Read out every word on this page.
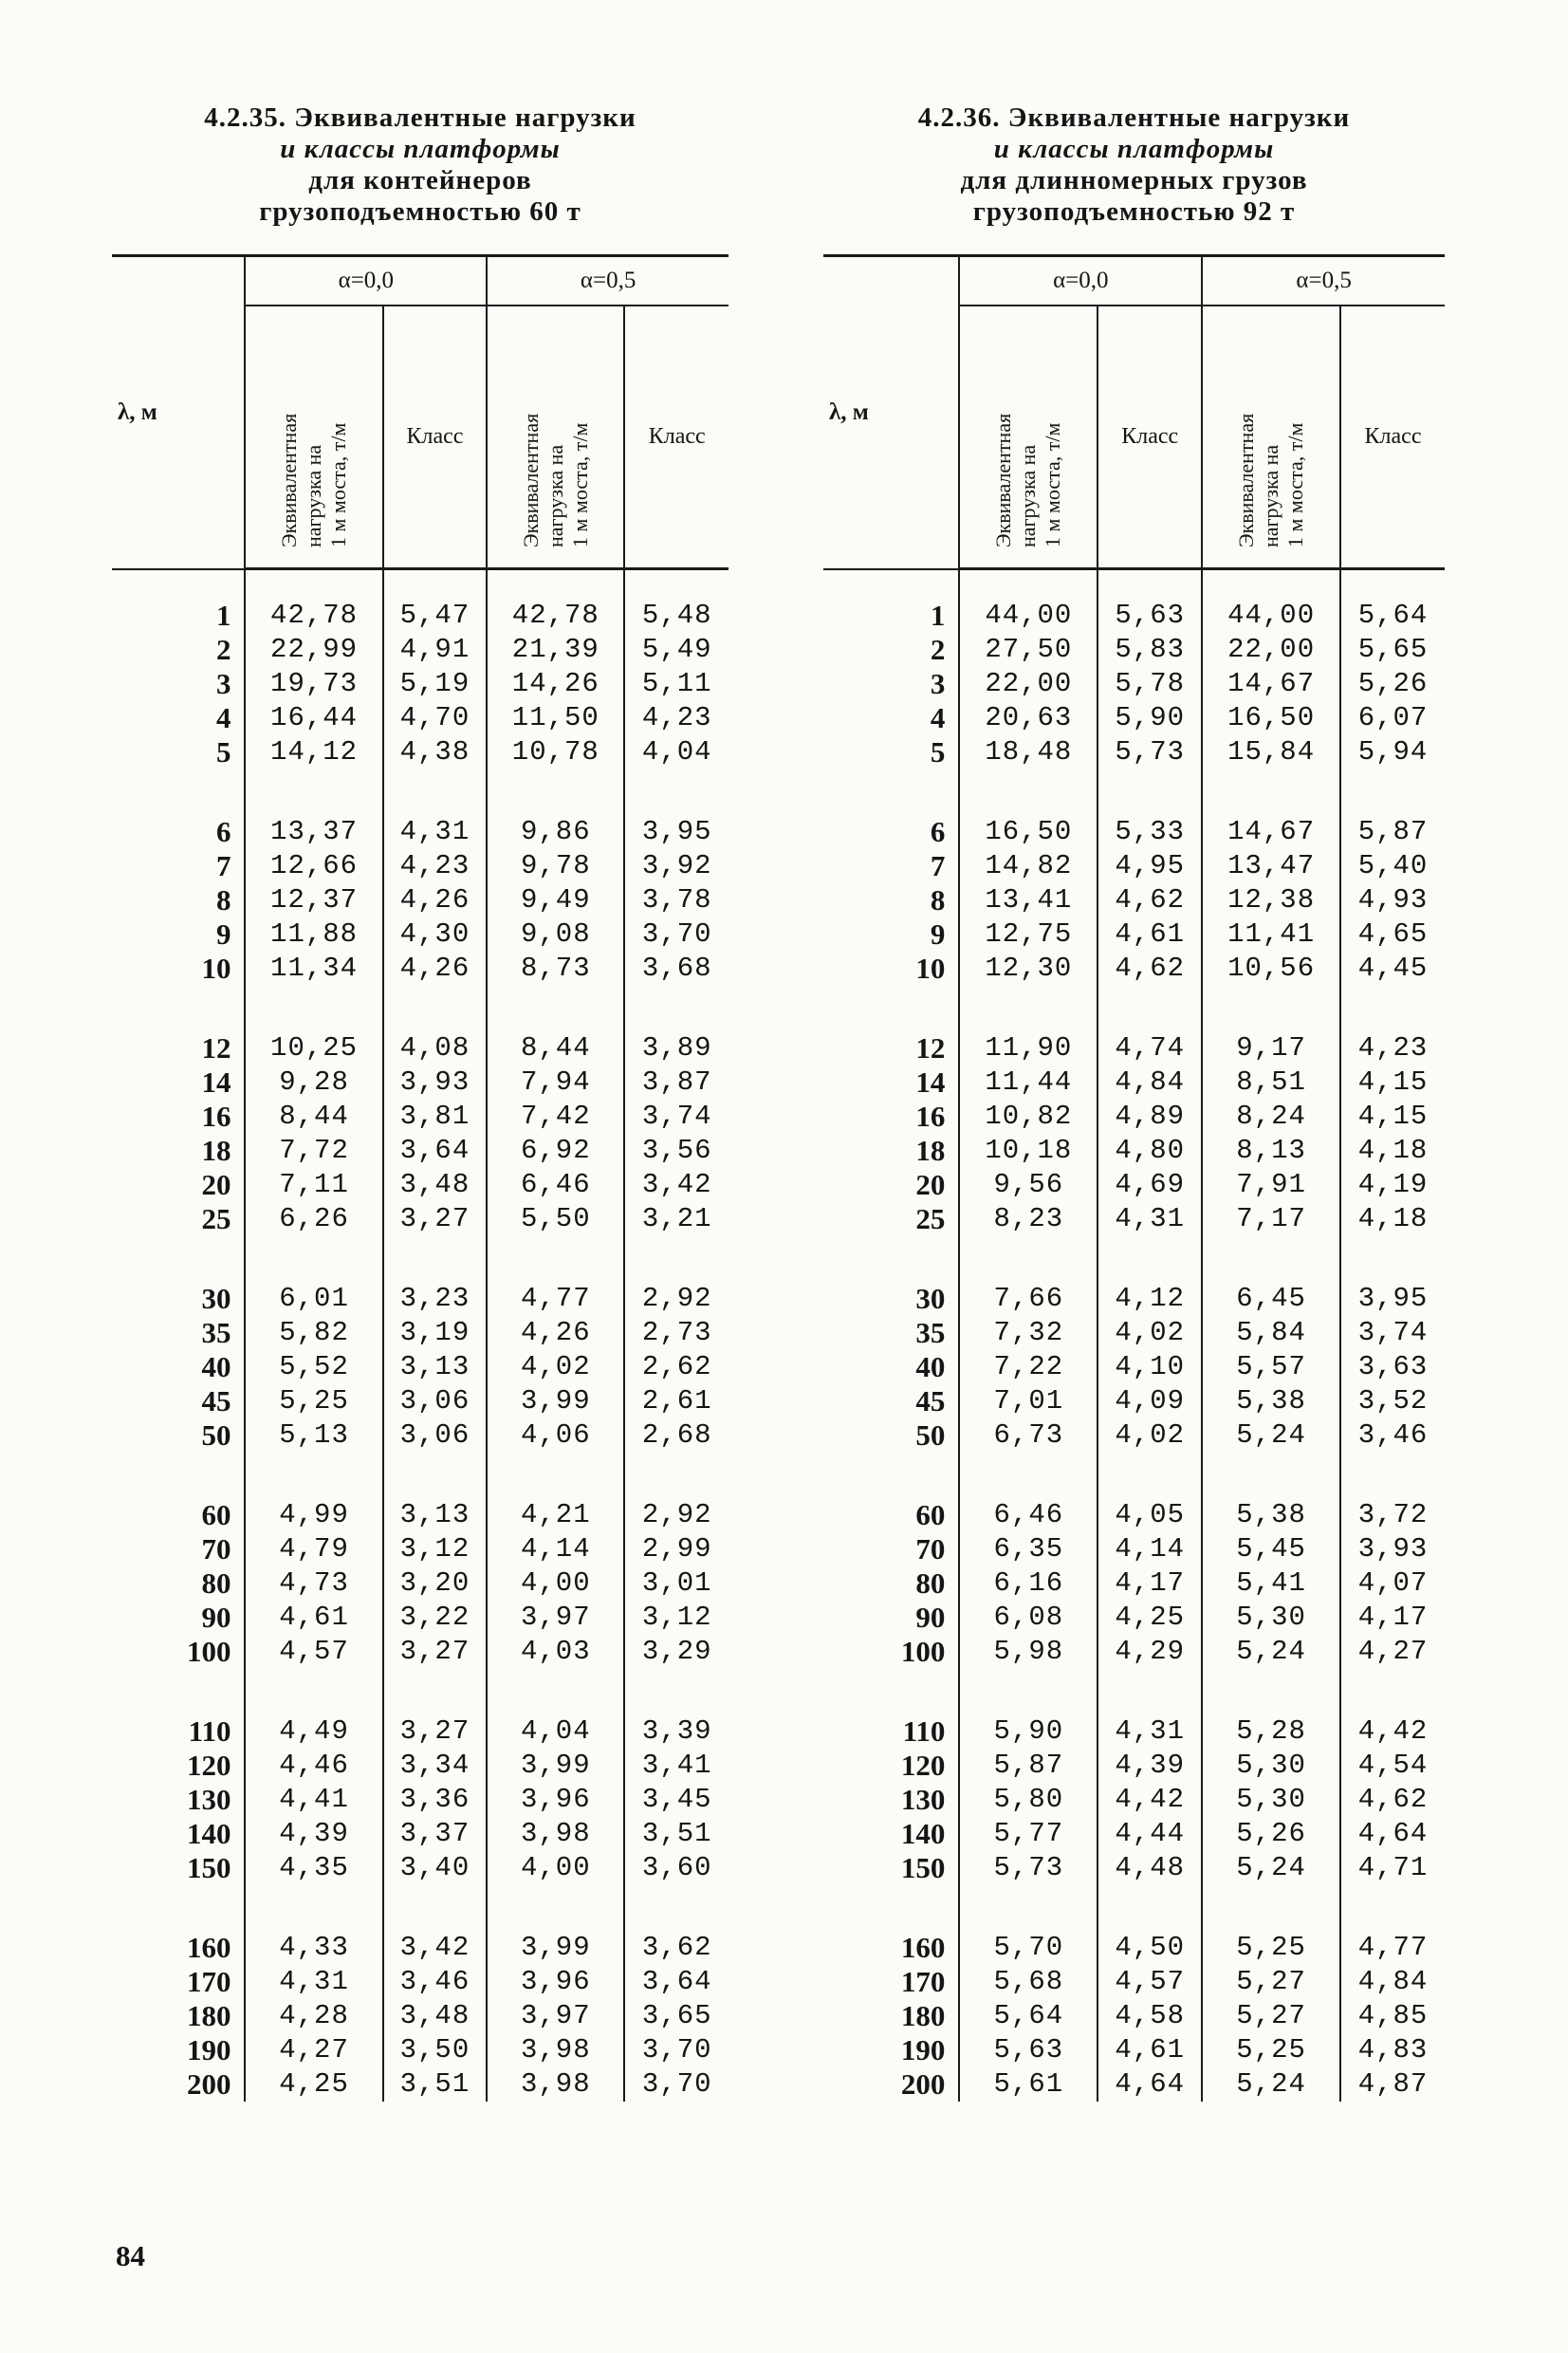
4.2.35. Эквивалентные нагрузки
и классы платформы
для контейнеров
грузоподъемностью 60 т
λ, м	α=0,0		α=0,5	

	Эквивалентная нагрузка на 1 м моста, т/м	Класс	Эквивалентная нагрузка на 1 м моста, т/м	Класс

1	42,78	5,47	42,78	5,48
2	22,99	4,91	21,39	5,49
3	19,73	5,19	14,26	5,11
4	16,44	4,70	11,50	4,23
5	14,12	4,38	10,78	4,04

6	13,37	4,31	9,86	3,95
7	12,66	4,23	9,78	3,92
8	12,37	4,26	9,49	3,78
9	11,88	4,30	9,08	3,70
10	11,34	4,26	8,73	3,68

12	10,25	4,08	8,44	3,89
14	9,28	3,93	7,94	3,87
16	8,44	3,81	7,42	3,74
18	7,72	3,64	6,92	3,56
20	7,11	3,48	6,46	3,42
25	6,26	3,27	5,50	3,21

30	6,01	3,23	4,77	2,92
35	5,82	3,19	4,26	2,73
40	5,52	3,13	4,02	2,62
45	5,25	3,06	3,99	2,61
50	5,13	3,06	4,06	2,68

60	4,99	3,13	4,21	2,92
70	4,79	3,12	4,14	2,99
80	4,73	3,20	4,00	3,01
90	4,61	3,22	3,97	3,12
100	4,57	3,27	4,03	3,29

110	4,49	3,27	4,04	3,39
120	4,46	3,34	3,99	3,41
130	4,41	3,36	3,96	3,45
140	4,39	3,37	3,98	3,51
150	4,35	3,40	4,00	3,60

160	4,33	3,42	3,99	3,62
170	4,31	3,46	3,96	3,64
180	4,28	3,48	3,97	3,65
190	4,27	3,50	3,98	3,70
200	4,25	3,51	3,98	3,70
4.2.36. Эквивалентные нагрузки
и классы платформы
для длинномерных грузов
грузоподъемностью 92 т
λ, м	α=0,0		α=0,5	

	Эквивалентная нагрузка на 1 м моста, т/м	Класс	Эквивалентная нагрузка на 1 м моста, т/м	Класс

1	44,00	5,63	44,00	5,64
2	27,50	5,83	22,00	5,65
3	22,00	5,78	14,67	5,26
4	20,63	5,90	16,50	6,07
5	18,48	5,73	15,84	5,94

6	16,50	5,33	14,67	5,87
7	14,82	4,95	13,47	5,40
8	13,41	4,62	12,38	4,93
9	12,75	4,61	11,41	4,65
10	12,30	4,62	10,56	4,45

12	11,90	4,74	9,17	4,23
14	11,44	4,84	8,51	4,15
16	10,82	4,89	8,24	4,15
18	10,18	4,80	8,13	4,18
20	9,56	4,69	7,91	4,19
25	8,23	4,31	7,17	4,18

30	7,66	4,12	6,45	3,95
35	7,32	4,02	5,84	3,74
40	7,22	4,10	5,57	3,63
45	7,01	4,09	5,38	3,52
50	6,73	4,02	5,24	3,46

60	6,46	4,05	5,38	3,72
70	6,35	4,14	5,45	3,93
80	6,16	4,17	5,41	4,07
90	6,08	4,25	5,30	4,17
100	5,98	4,29	5,24	4,27

110	5,90	4,31	5,28	4,42
120	5,87	4,39	5,30	4,54
130	5,80	4,42	5,30	4,62
140	5,77	4,44	5,26	4,64
150	5,73	4,48	5,24	4,71

160	5,70	4,50	5,25	4,77
170	5,68	4,57	5,27	4,84
180	5,64	4,58	5,27	4,85
190	5,63	4,61	5,25	4,83
200	5,61	4,64	5,24	4,87
84
